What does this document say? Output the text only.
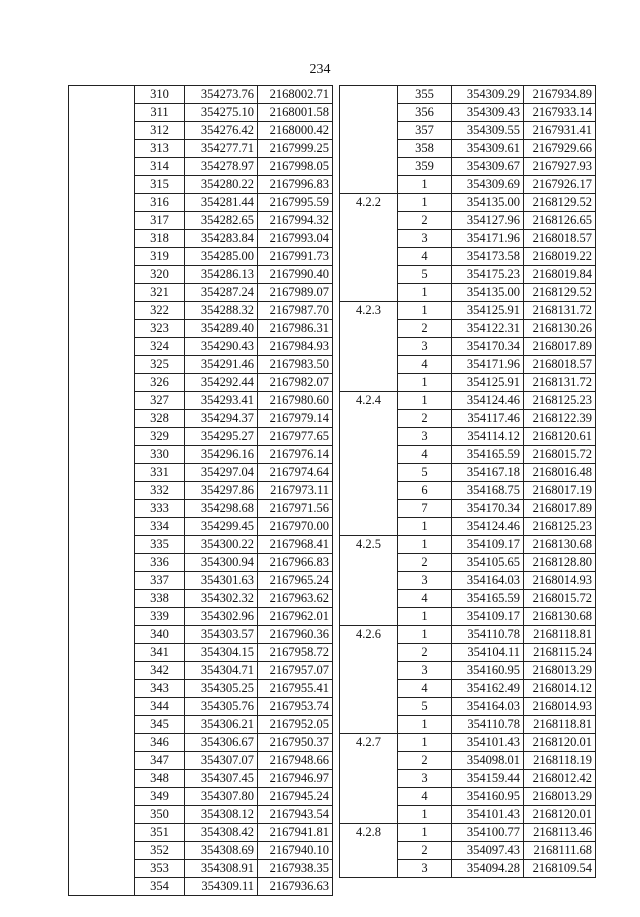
234
	310	354273.76	2168002.71
	311	354275.10	2168001.58
	312	354276.42	2168000.42
	313	354277.71	2167999.25
	314	354278.97	2167998.05
	315	354280.22	2167996.83
	316	354281.44	2167995.59
	317	354282.65	2167994.32
	318	354283.84	2167993.04
	319	354285.00	2167991.73
	320	354286.13	2167990.40
	321	354287.24	2167989.07
	322	354288.32	2167987.70
	323	354289.40	2167986.31
	324	354290.43	2167984.93
	325	354291.46	2167983.50
	326	354292.44	2167982.07
	327	354293.41	2167980.60
	328	354294.37	2167979.14
	329	354295.27	2167977.65
	330	354296.16	2167976.14
	331	354297.04	2167974.64
	332	354297.86	2167973.11
	333	354298.68	2167971.56
	334	354299.45	2167970.00
	335	354300.22	2167968.41
	336	354300.94	2167966.83
	337	354301.63	2167965.24
	338	354302.32	2167963.62
	339	354302.96	2167962.01
	340	354303.57	2167960.36
	341	354304.15	2167958.72
	342	354304.71	2167957.07
	343	354305.25	2167955.41
	344	354305.76	2167953.74
	345	354306.21	2167952.05
	346	354306.67	2167950.37
	347	354307.07	2167948.66
	348	354307.45	2167946.97
	349	354307.80	2167945.24
	350	354308.12	2167943.54
	351	354308.42	2167941.81
	352	354308.69	2167940.10
	353	354308.91	2167938.35
	354	354309.11	2167936.63
	355	354309.29	2167934.89
	356	354309.43	2167933.14
	357	354309.55	2167931.41
	358	354309.61	2167929.66
	359	354309.67	2167927.93
	1	354309.69	2167926.17
4.2.2	1	354135.00	2168129.52
	2	354127.96	2168126.65
	3	354171.96	2168018.57
	4	354173.58	2168019.22
	5	354175.23	2168019.84
	1	354135.00	2168129.52
4.2.3	1	354125.91	2168131.72
	2	354122.31	2168130.26
	3	354170.34	2168017.89
	4	354171.96	2168018.57
	1	354125.91	2168131.72
4.2.4	1	354124.46	2168125.23
	2	354117.46	2168122.39
	3	354114.12	2168120.61
	4	354165.59	2168015.72
	5	354167.18	2168016.48
	6	354168.75	2168017.19
	7	354170.34	2168017.89
	1	354124.46	2168125.23
4.2.5	1	354109.17	2168130.68
	2	354105.65	2168128.80
	3	354164.03	2168014.93
	4	354165.59	2168015.72
	1	354109.17	2168130.68
4.2.6	1	354110.78	2168118.81
	2	354104.11	2168115.24
	3	354160.95	2168013.29
	4	354162.49	2168014.12
	5	354164.03	2168014.93
	1	354110.78	2168118.81
4.2.7	1	354101.43	2168120.01
	2	354098.01	2168118.19
	3	354159.44	2168012.42
	4	354160.95	2168013.29
	1	354101.43	2168120.01
4.2.8	1	354100.77	2168113.46
	2	354097.43	2168111.68
	3	354094.28	2168109.54
